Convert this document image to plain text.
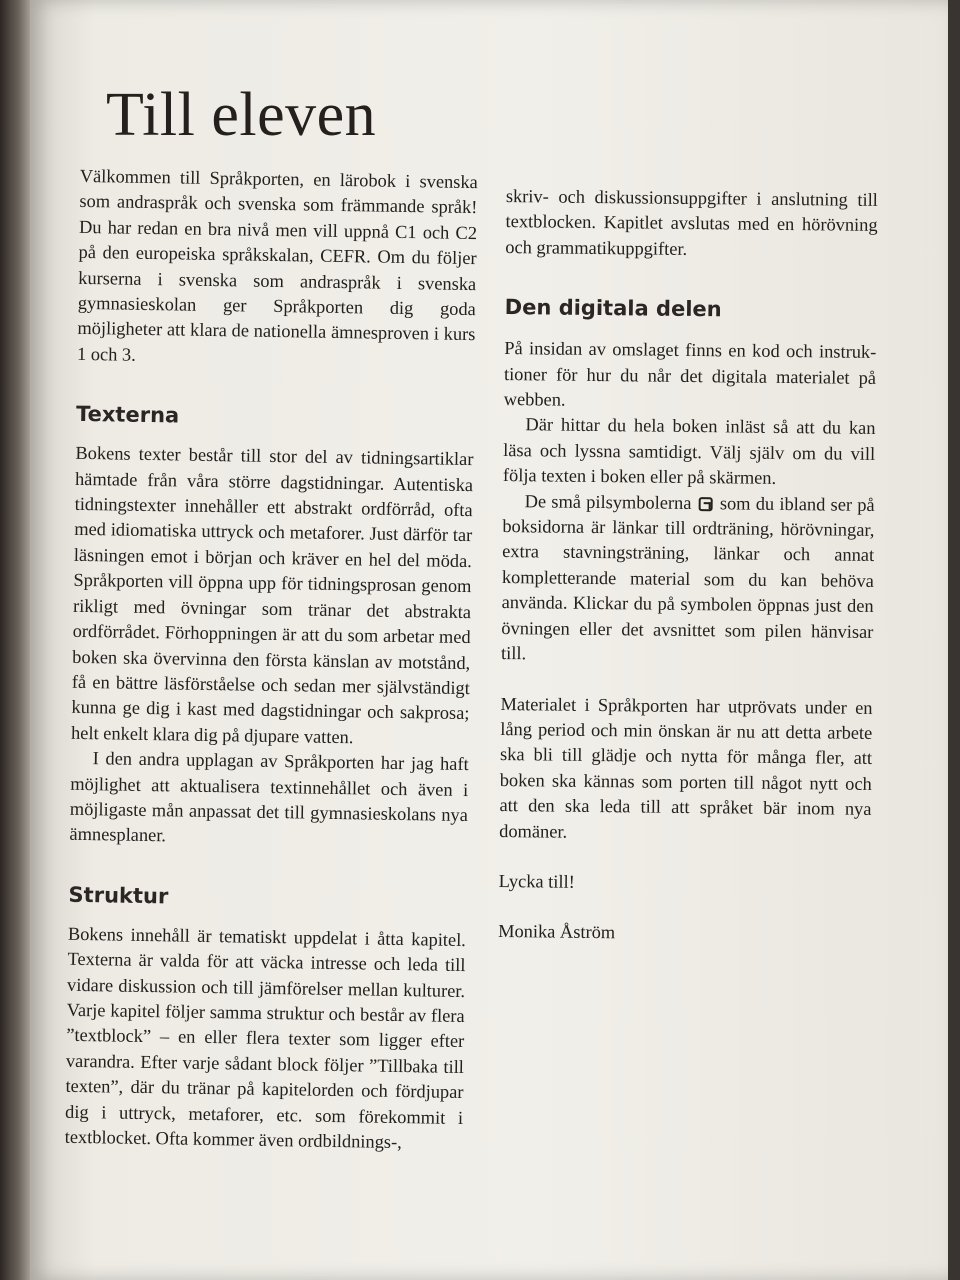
Till eleven

Välkommen till Språkporten, en lärobok i svenska som andraspråk och svenska som främmande språk! Du har redan en bra nivå men vill uppnå C1 och C2 på den europeiska språkskalan, CEFR. Om du följer kurserna i svenska som andraspråk i svenska gymnasieskolan ger Språkporten dig goda möjligheter att klara de nationella ämnesproven i kurs 1 och 3.

Texterna

Bokens texter består till stor del av tidningsartiklar hämtade från våra större dagstidningar. Autentiska tidningstexter innehåller ett abstrakt ordförråd, ofta med idiomatiska uttryck och metaforer. Just därför tar läsningen emot i början och kräver en hel del möda. Språkporten vill öppna upp för tidningsprosan genom rikligt med övningar som tränar det abstrakta ordförrådet. Förhoppningen är att du som arbetar med boken ska övervinna den första känslan av motstånd, få en bättre läsförståelse och sedan mer självständigt kunna ge dig i kast med dagstidningar och sakprosa; helt enkelt klara dig på djupare vatten.

I den andra upplagan av Språkporten har jag haft möjlighet att aktualisera textinnehållet och även i möjligaste mån anpassat det till gymnasieskolans nya ämnesplaner.

Struktur

Bokens innehåll är tematiskt uppdelat i åtta kapitel. Texterna är valda för att väcka intresse och leda till vidare diskussion och till jämförelser mellan kulturer. Varje kapitel följer samma struktur och består av flera ”textblock” – en eller flera texter som ligger efter varandra. Efter varje sådant block följer ”Tillbaka till texten”, där du tränar på kapitelorden och fördjupar dig i uttryck, metaforer, etc. som förekommit i textblocket. Ofta kommer även ordbildnings-,

skriv- och diskussionsuppgifter i anslutning till textblocken. Kapitlet avslutas med en hörövning och grammatikuppgifter.

Den digitala delen

På insidan av omslaget finns en kod och instruktioner för hur du når det digitala materialet på webben.

Där hittar du hela boken inläst så att du kan läsa och lyssna samtidigt. Välj själv om du vill följa texten i boken eller på skärmen.

De små pilsymbolerna som du ibland ser på boksidorna är länkar till ordträning, hörövningar, extra stavningsträning, länkar och annat kompletterande material som du kan behöva använda. Klickar du på symbolen öppnas just den övningen eller det avsnittet som pilen hänvisar till.

Materialet i Språkporten har utprövats under en lång period och min önskan är nu att detta arbete ska bli till glädje och nytta för många fler, att boken ska kännas som porten till något nytt och att den ska leda till att språket bär inom nya domäner.

Lycka till!

Monika Åström
